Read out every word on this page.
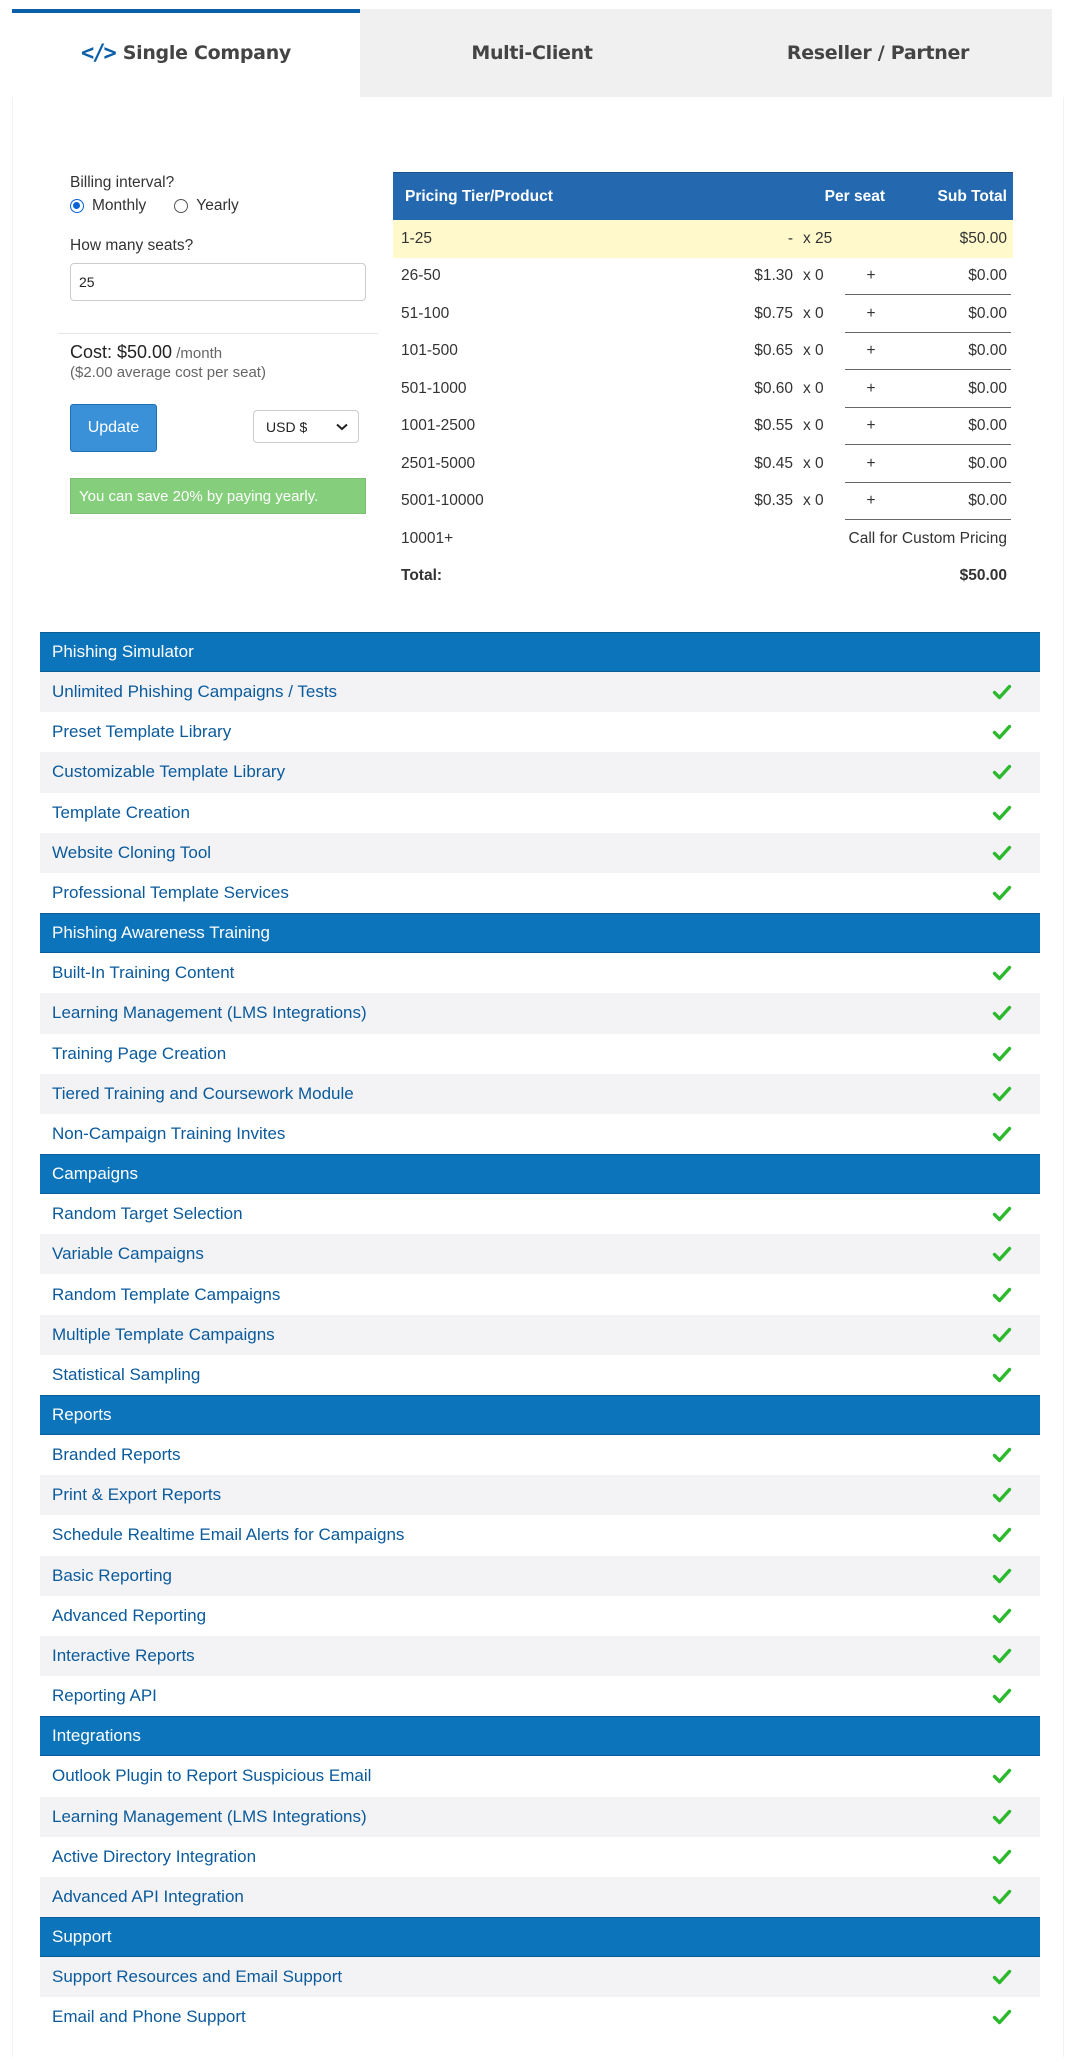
</> Single Company	Multi-Client	Reseller / Partner
Billing interval?
Monthly	Yearly
How many seats?
25
Cost: $50.00 /month
($2.00 average cost per seat)
Update	USD $
You can save 20% by paying yearly.
Pricing Tier/Product	Per seat	Sub Total
1-25	- x 25	$50.00
26-50	$1.30 x 0	+	$0.00
51-100	$0.75 x 0	+	$0.00
101-500	$0.65 x 0	+	$0.00
501-1000	$0.60 x 0	+	$0.00
1001-2500	$0.55 x 0	+	$0.00
2501-5000	$0.45 x 0	+	$0.00
5001-10000	$0.35 x 0	+	$0.00
10001+	Call for Custom Pricing
Total:	$50.00
Phishing Simulator
Unlimited Phishing Campaigns / Tests
Preset Template Library
Customizable Template Library
Template Creation
Website Cloning Tool
Professional Template Services
Phishing Awareness Training
Built-In Training Content
Learning Management (LMS Integrations)
Training Page Creation
Tiered Training and Coursework Module
Non-Campaign Training Invites
Campaigns
Random Target Selection
Variable Campaigns
Random Template Campaigns
Multiple Template Campaigns
Statistical Sampling
Reports
Branded Reports
Print & Export Reports
Schedule Realtime Email Alerts for Campaigns
Basic Reporting
Advanced Reporting
Interactive Reports
Reporting API
Integrations
Outlook Plugin to Report Suspicious Email
Learning Management (LMS Integrations)
Active Directory Integration
Advanced API Integration
Support
Support Resources and Email Support
Email and Phone Support
